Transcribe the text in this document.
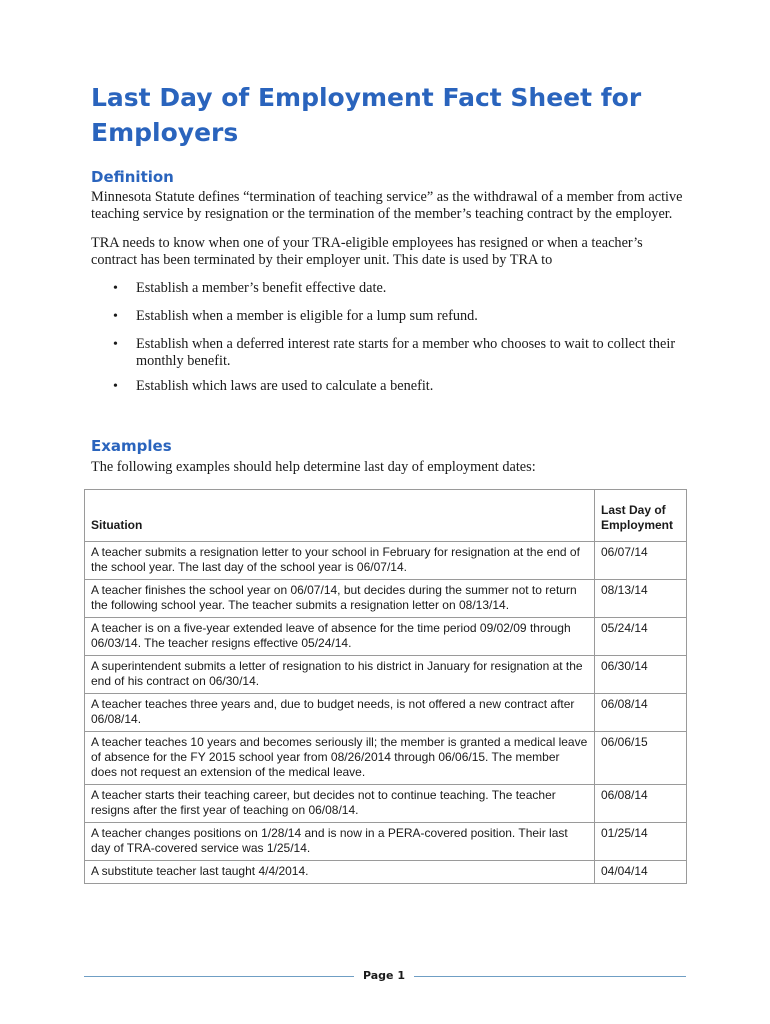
Last Day of Employment Fact Sheet for Employers
Definition

Minnesota Statute defines “termination of teaching service” as the withdrawal of a member from active teaching service by resignation or the termination of the member’s teaching contract by the employer.

TRA needs to know when one of your TRA-eligible employees has resigned or when a teacher’s contract has been terminated by their employer unit. This date is used by TRA to

• Establish a member’s benefit effective date.
• Establish when a member is eligible for a lump sum refund.
• Establish when a deferred interest rate starts for a member who chooses to wait to collect their monthly benefit.
• Establish which laws are used to calculate a benefit.
Examples

The following examples should help determine last day of employment dates:

Situation	Last Day of Employment
A teacher submits a resignation letter to your school in February for resignation at the end of the school year. The last day of the school year is 06/07/14.	06/07/14
A teacher finishes the school year on 06/07/14, but decides during the summer not to return the following school year. The teacher submits a resignation letter on 08/13/14.	08/13/14
A teacher is on a five-year extended leave of absence for the time period 09/02/09 through 06/03/14. The teacher resigns effective 05/24/14.	05/24/14
A superintendent submits a letter of resignation to his district in January for resignation at the end of his contract on 06/30/14.	06/30/14
A teacher teaches three years and, due to budget needs, is not offered a new contract after 06/08/14.	06/08/14
A teacher teaches 10 years and becomes seriously ill; the member is granted a medical leave of absence for the FY 2015 school year from 08/26/2014 through 06/06/15. The member does not request an extension of the medical leave.	06/06/15
A teacher starts their teaching career, but decides not to continue teaching. The teacher resigns after the first year of teaching on 06/08/14.	06/08/14
A teacher changes positions on 1/28/14 and is now in a PERA-covered position. Their last day of TRA-covered service was 1/25/14.	01/25/14
A substitute teacher last taught 4/4/2014.	04/04/14
Page 1
